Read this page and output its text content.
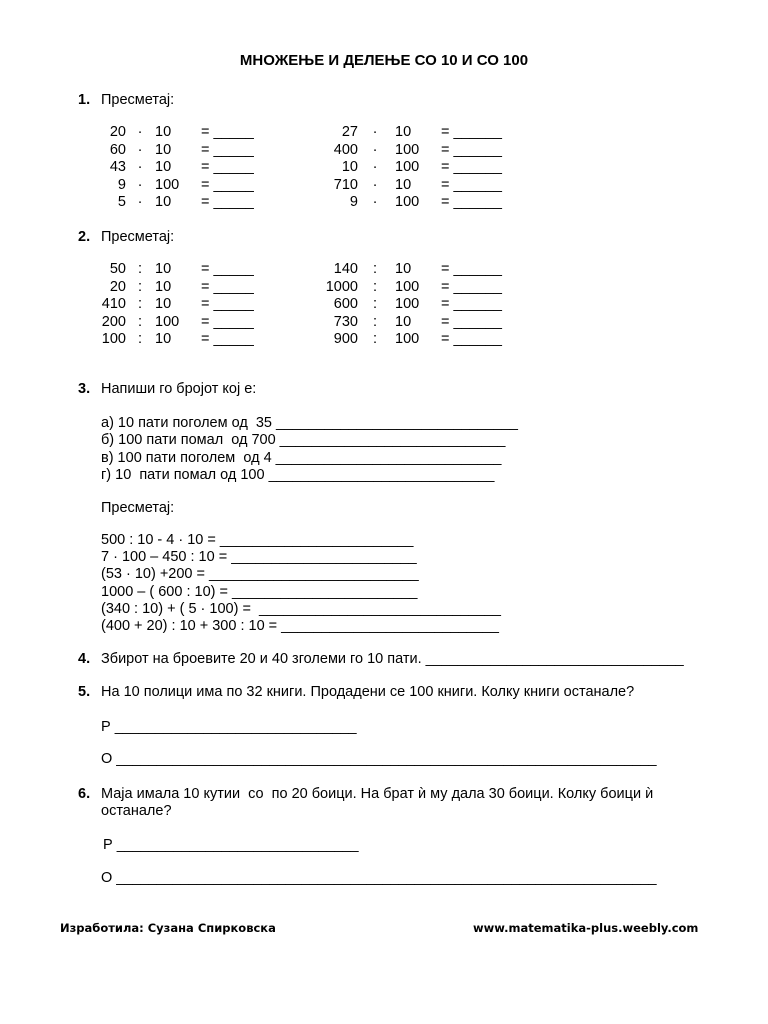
МНОЖЕЊЕ И ДЕЛЕЊЕ СО 10 И СО 100
1. Пресметај:
20 · 10 = _____
60 · 10 = _____
43 · 10 = _____
9 · 100 = _____
5 · 10 = _____
27 · 10 = ______
400 · 100 = ______
10 · 100 = ______
710 · 10 = ______
9 · 100 = ______
2. Пресметај:
50 : 10 = _____
20 : 10 = _____
410 : 10 = _____
200 : 100 = _____
100 : 10 = _____
140 : 10 = ______
1000 : 100 = ______
600 : 100 = ______
730 : 10 = ______
900 : 100 = ______
3. Напиши го бројот кој е:
а) 10 пати поголем од  35 ______________________________
б) 100 пати помал  од 700 ____________________________
в) 100 пати поголем  од 4 ____________________________
г) 10  пати помал од 100 ____________________________
Пресметај:
500 : 10 - 4 · 10 = ________________________
7 · 100 – 450 : 10 = _______________________
(53 · 10) +200 = __________________________
1000 – ( 600 : 10) = _______________________
(340 : 10) + ( 5 · 100) =  ______________________________
(400 + 20) : 10 + 300 : 10 = ___________________________
4. Збирот на броевите 20 и 40 зголеми го 10 пати. ________________________________
5. На 10 полици има по 32 книги. Продадени се 100 книги. Колку книги останале?
Р ______________________________
О ___________________________________________________________________
6. Маја имала 10 кутии  со  по 20 боици. На брат ѝ му дала 30 боици. Колку боици ѝ
останале?
Р ______________________________
О ___________________________________________________________________
Изработила: Сузана Спирковска	www.matematika-plus.weebly.com
